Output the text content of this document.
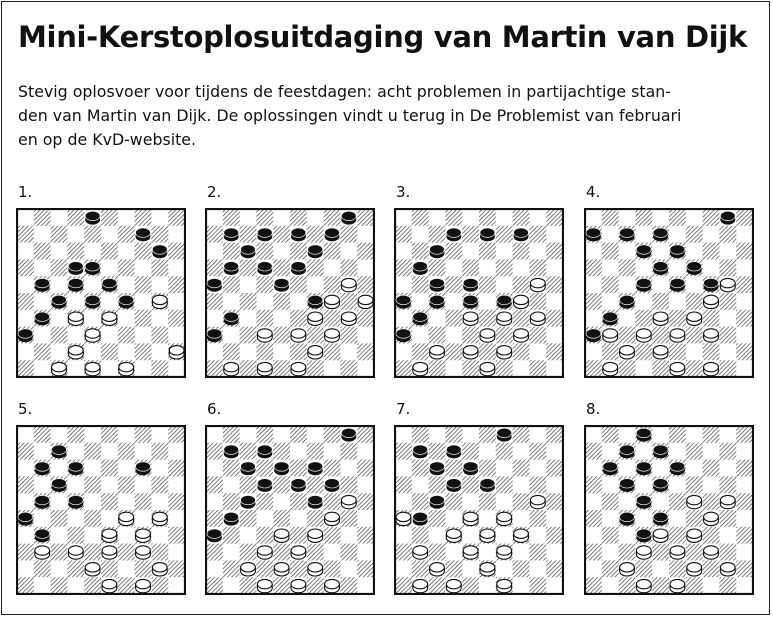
Mini-Kerstoplosuitdaging van Martin van Dijk
Stevig oplosvoer voor tijdens de feestdagen: acht problemen in partijachtige stan-
den van Martin van Dijk. De oplossingen vindt u terug in De Problemist van februari
en op de KvD-website.
1.	2.	3.	4.
5.	6.	7.	8.
